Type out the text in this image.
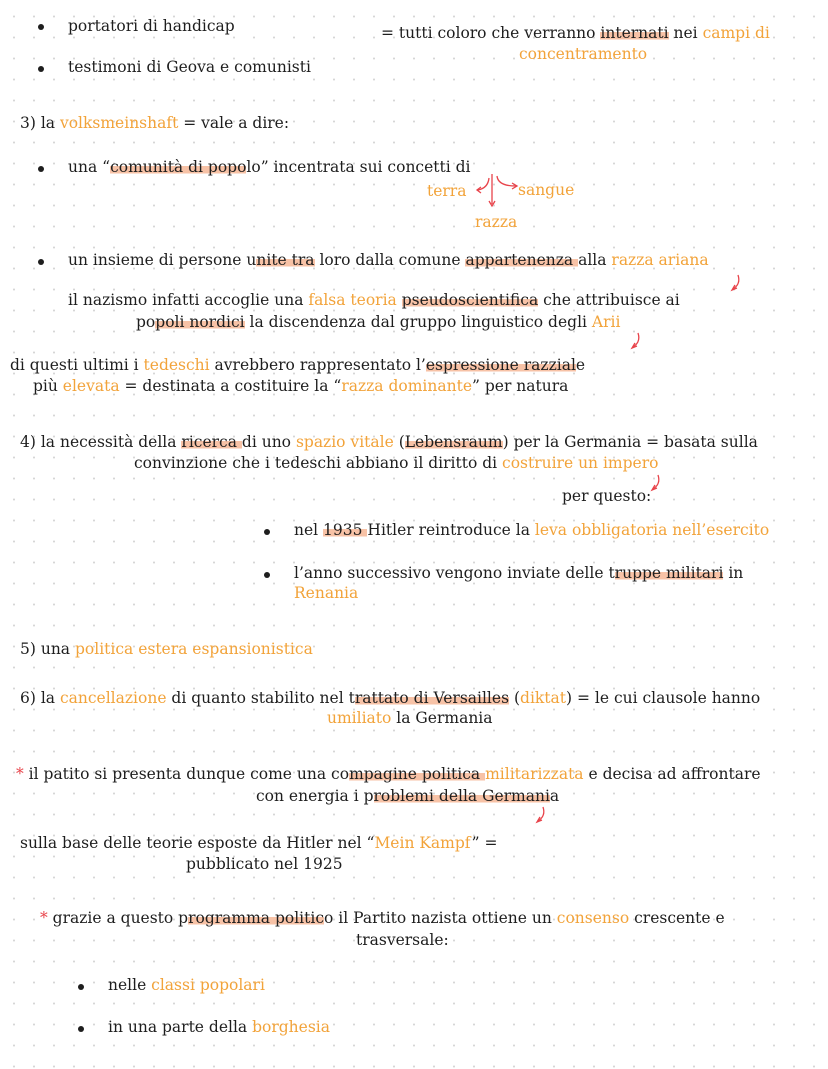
portatori di handicap
testimoni di Geova e comunisti
= tutti coloro che verranno internati nei campi di
concentramento
3) la volksmeinshaft = vale a dire:
una “comunità di popolo” incentrata sui concetti di
terra	sangue
razza
un insieme di persone unite tra loro dalla comune appartenenza alla razza ariana
il nazismo infatti accoglie una falsa teoria pseudoscientifica che attribuisce ai
popoli nordici la discendenza dal gruppo linguistico degli Arii
di questi ultimi i tedeschi avrebbero rappresentato l’espressione razziale
più elevata = destinata a costituire la “razza dominante” per natura
4) la necessità della ricerca di uno spazio vitale (Lebensraum) per la Germania = basata sulla
convinzione che i tedeschi abbiano il diritto di costruire un impero
per questo:
nel 1935 Hitler reintroduce la leva obbligatoria nell’esercito
l’anno successivo vengono inviate delle truppe militari in
Renania
5) una politica estera espansionistica
6) la cancellazione di quanto stabilito nel trattato di Versailles (diktat) = le cui clausole hanno
umiliato la Germania
* il patito si presenta dunque come una compagine politica militarizzata e decisa ad affrontare
con energia i problemi della Germania
sulla base delle teorie esposte da Hitler nel “Mein Kampf” =
pubblicato nel 1925
* grazie a questo programma politico il Partito nazista ottiene un consenso crescente e
trasversale:
nelle classi popolari
in una parte della borghesia
